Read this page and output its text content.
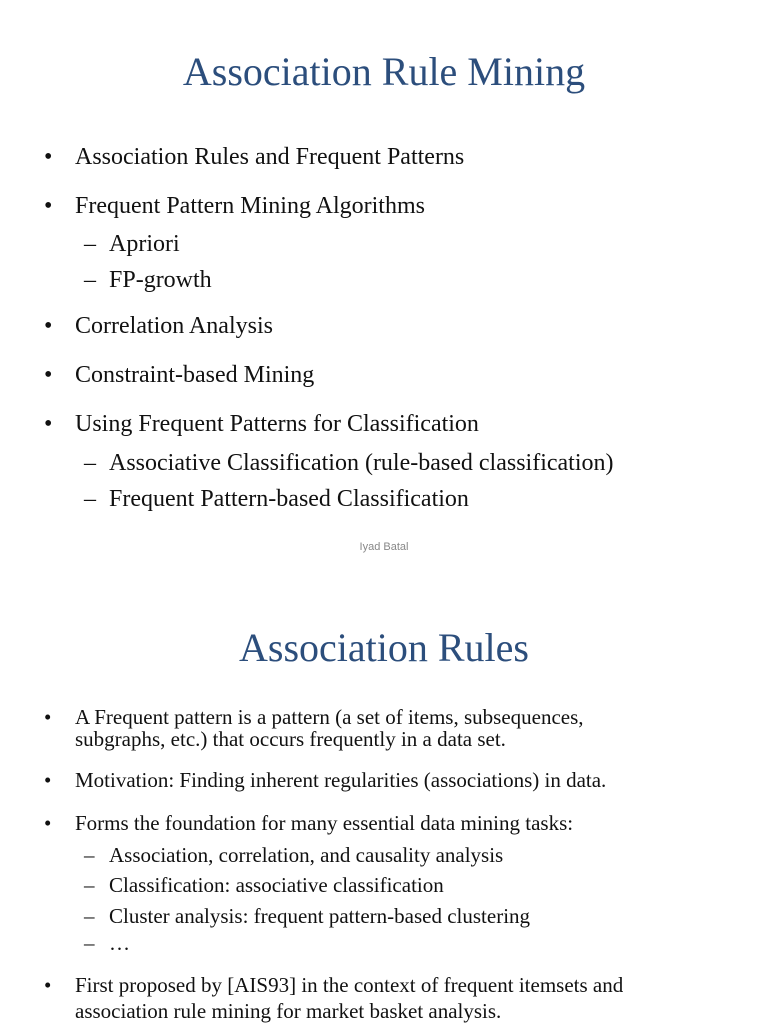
Association Rule Mining
• Association Rules and Frequent Patterns
• Frequent Pattern Mining Algorithms
– Apriori
– FP-growth
• Correlation Analysis
• Constraint-based Mining
• Using Frequent Patterns for Classification
– Associative Classification (rule-based classification)
– Frequent Pattern-based Classification
Iyad Batal
Association Rules
• A Frequent pattern is a pattern (a set of items, subsequences,
subgraphs, etc.) that occurs frequently in a data set.
• Motivation: Finding inherent regularities (associations) in data.
• Forms the foundation for many essential data mining tasks:
– Association, correlation, and causality analysis
– Classification: associative classification
– Cluster analysis: frequent pattern-based clustering
– …
• First proposed by [AIS93] in the context of frequent itemsets and
association rule mining for market basket analysis.
